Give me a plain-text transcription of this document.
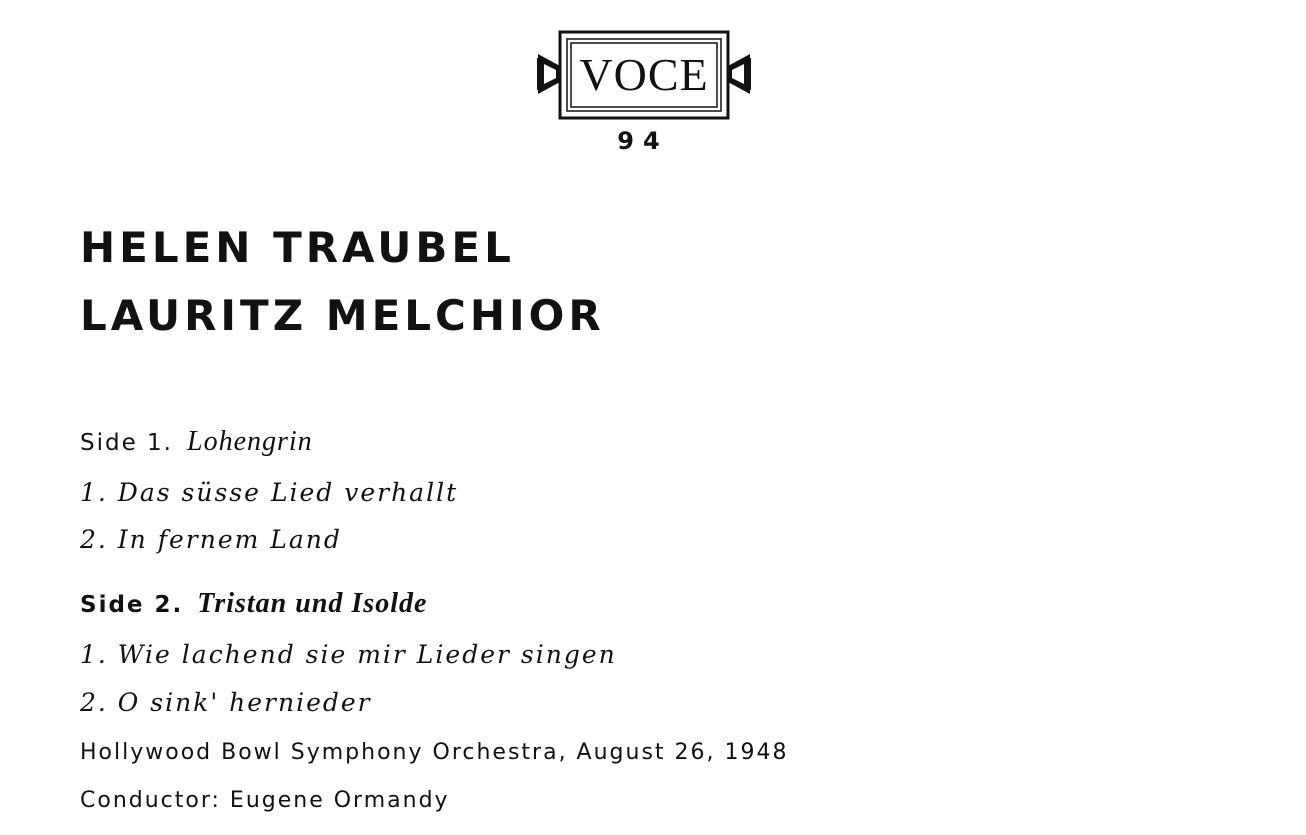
VOCE
94
HELEN TRAUBEL
LAURITZ MELCHIOR
Side 1. Lohengrin
1. Das süsse Lied verhallt
2. In fernem Land
Side 2. Tristan und Isolde
1. Wie lachend sie mir Lieder singen
2. O sink' hernieder
Hollywood Bowl Symphony Orchestra, August 26, 1948
Conductor: Eugene Ormandy
